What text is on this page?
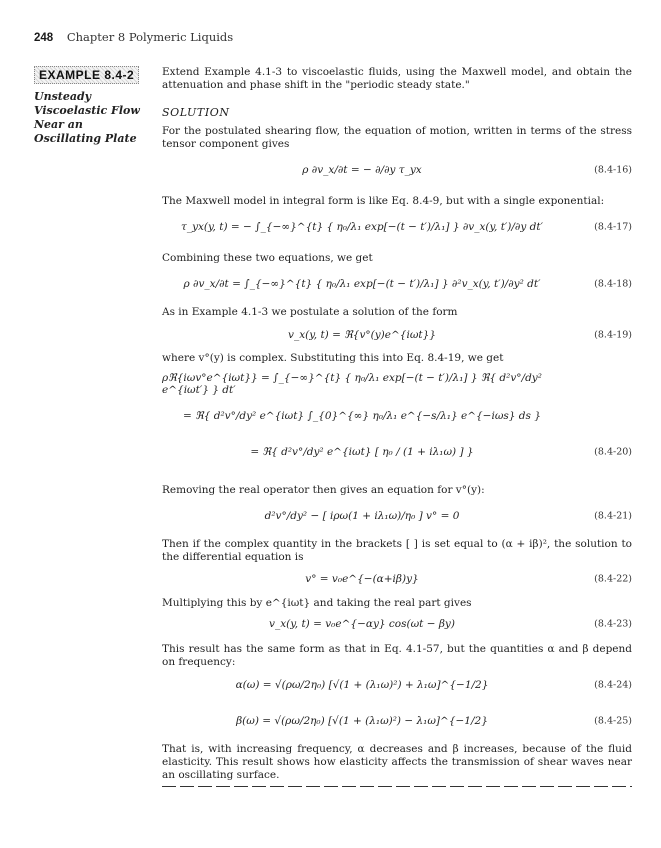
248 Chapter 8 Polymeric Liquids
EXAMPLE 8.4-2
Unsteady Viscoelastic Flow Near an Oscillating Plate
Extend Example 4.1-3 to viscoelastic fluids, using the Maxwell model, and obtain the attenuation and phase shift in the "periodic steady state."
SOLUTION
For the postulated shearing flow, the equation of motion, written in terms of the stress tensor component gives
ρ ∂v_x/∂t = − ∂/∂y τ_yx	(8.4-16)
The Maxwell model in integral form is like Eq. 8.4-9, but with a single exponential:
τ_yx(y, t) = − ∫_{−∞}^{t} { η₀/λ₁ exp[−(t − t′)/λ₁] } ∂v_x(y, t′)/∂y dt′	(8.4-17)
Combining these two equations, we get
ρ ∂v_x/∂t = ∫_{−∞}^{t} { η₀/λ₁ exp[−(t − t′)/λ₁] } ∂²v_x(y, t′)/∂y² dt′	(8.4-18)
As in Example 4.1-3 we postulate a solution of the form
v_x(y, t) = ℜ{v°(y)e^{iωt}}	(8.4-19)
where v°(y) is complex. Substituting this into Eq. 8.4-19, we get
ρℜ{iωv°e^{iωt}} = ∫_{−∞}^{t} { η₀/λ₁ exp[−(t − t′)/λ₁] } ℜ{ d²v°/dy² e^{iωt′} } dt′
= ℜ{ d²v°/dy² e^{iωt} ∫_{0}^{∞} η₀/λ₁ e^{−s/λ₁} e^{−iωs} ds }
= ℜ{ d²v°/dy² e^{iωt} [ η₀ / (1 + iλ₁ω) ] }	(8.4-20)
Removing the real operator then gives an equation for v°(y):
d²v°/dy² − [ iρω(1 + iλ₁ω)/η₀ ] v° = 0	(8.4-21)
Then if the complex quantity in the brackets [ ] is set equal to (α + iβ)², the solution to the differential equation is
v° = v₀e^{−(α+iβ)y}	(8.4-22)
Multiplying this by e^{iωt} and taking the real part gives
v_x(y, t) = v₀e^{−αy} cos(ωt − βy)	(8.4-23)
This result has the same form as that in Eq. 4.1-57, but the quantities α and β depend on frequency:
α(ω) = √(ρω/2η₀) [√(1 + (λ₁ω)²) + λ₁ω]^{−1/2}	(8.4-24)
β(ω) = √(ρω/2η₀) [√(1 + (λ₁ω)²) − λ₁ω]^{−1/2}	(8.4-25)
That is, with increasing frequency, α decreases and β increases, because of the fluid elasticity. This result shows how elasticity affects the transmission of shear waves near an oscillating surface.
